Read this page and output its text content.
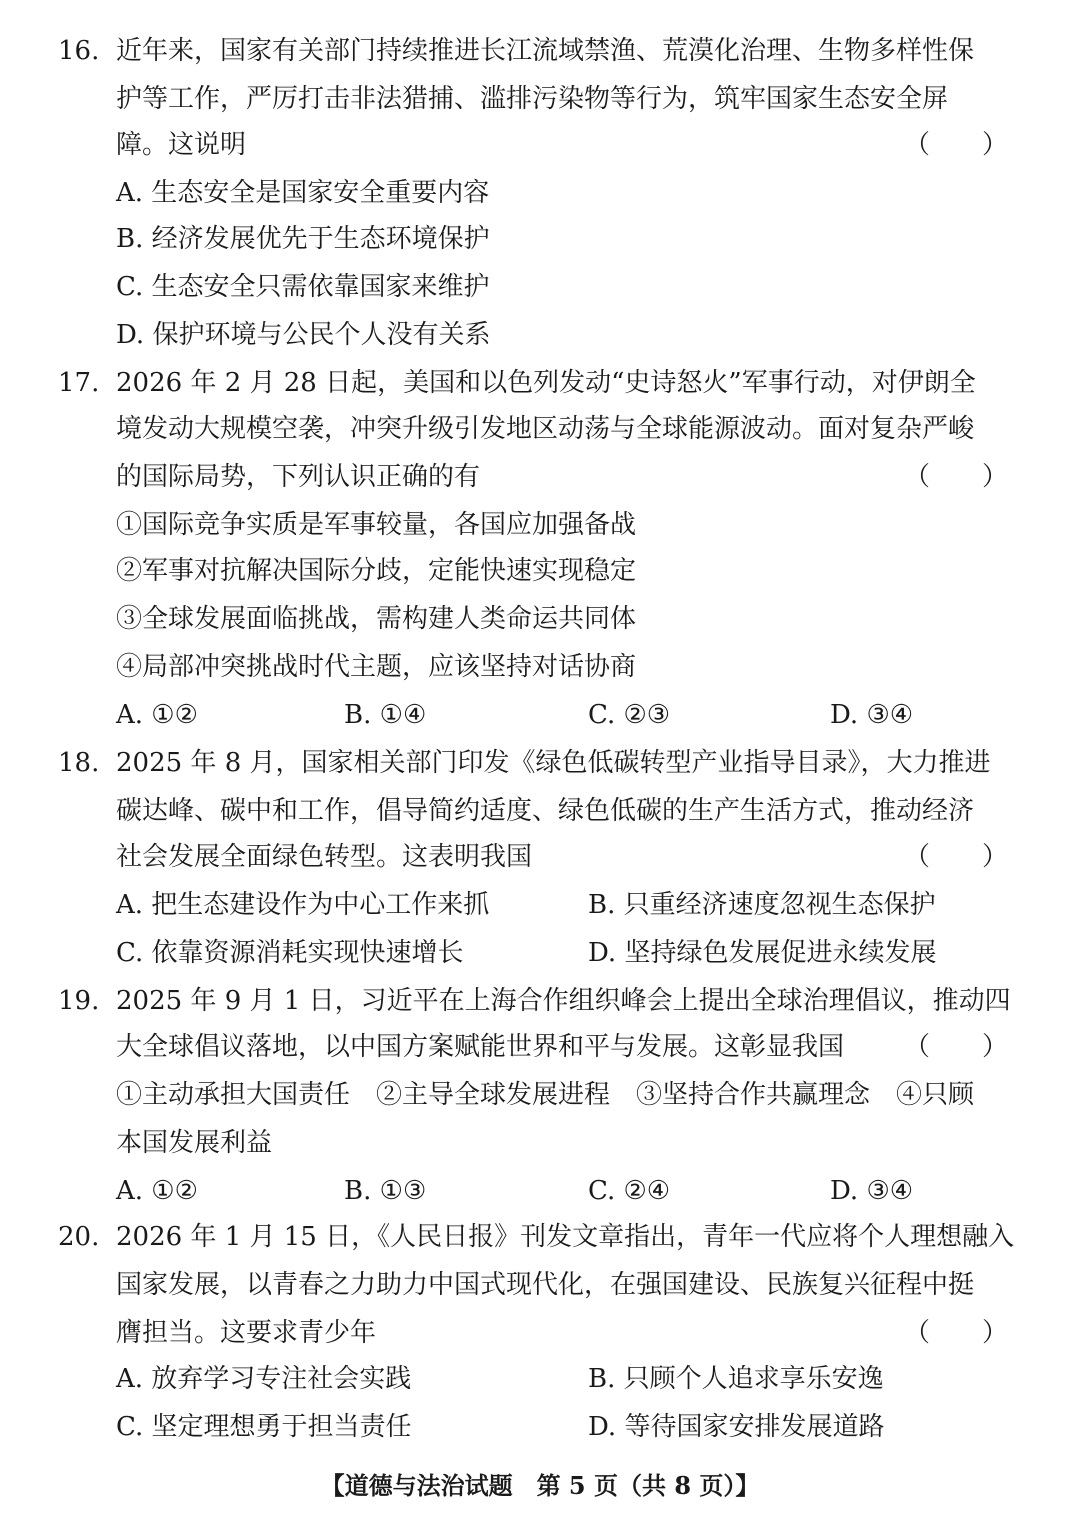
16. 近年来，国家有关部门持续推进长江流域禁渔、荒漠化治理、生物多样性保
护等工作，严厉打击非法猎捕、滥排污染物等行为，筑牢国家生态安全屏
障。这说明	（　　）
A. 生态安全是国家安全重要内容
B. 经济发展优先于生态环境保护
C. 生态安全只需依靠国家来维护
D. 保护环境与公民个人没有关系
17. 2026 年 2 月 28 日起，美国和以色列发动“史诗怒火”军事行动，对伊朗全
境发动大规模空袭，冲突升级引发地区动荡与全球能源波动。面对复杂严峻
的国际局势，下列认识正确的有	（　　）
①国际竞争实质是军事较量，各国应加强备战
②军事对抗解决国际分歧，定能快速实现稳定
③全球发展面临挑战，需构建人类命运共同体
④局部冲突挑战时代主题，应该坚持对话协商
A. ①②	B. ①④	C. ②③	D. ③④
18. 2025 年 8 月，国家相关部门印发《绿色低碳转型产业指导目录》，大力推进
碳达峰、碳中和工作，倡导简约适度、绿色低碳的生产生活方式，推动经济
社会发展全面绿色转型。这表明我国	（　　）
A. 把生态建设作为中心工作来抓	B. 只重经济速度忽视生态保护
C. 依靠资源消耗实现快速增长	D. 坚持绿色发展促进永续发展
19. 2025 年 9 月 1 日，习近平在上海合作组织峰会上提出全球治理倡议，推动四
大全球倡议落地，以中国方案赋能世界和平与发展。这彰显我国 （　　）
①主动承担大国责任　②主导全球发展进程　③坚持合作共赢理念　④只顾
本国发展利益
A. ①②	B. ①③	C. ②④	D. ③④
20. 2026 年 1 月 15 日，《人民日报》刊发文章指出，青年一代应将个人理想融入
国家发展，以青春之力助力中国式现代化，在强国建设、民族复兴征程中挺
膺担当。这要求青少年	（　　）
A. 放弃学习专注社会实践	B. 只顾个人追求享乐安逸
C. 坚定理想勇于担当责任	D. 等待国家安排发展道路
【道德与法治试题　第 5 页（共 8 页）】
